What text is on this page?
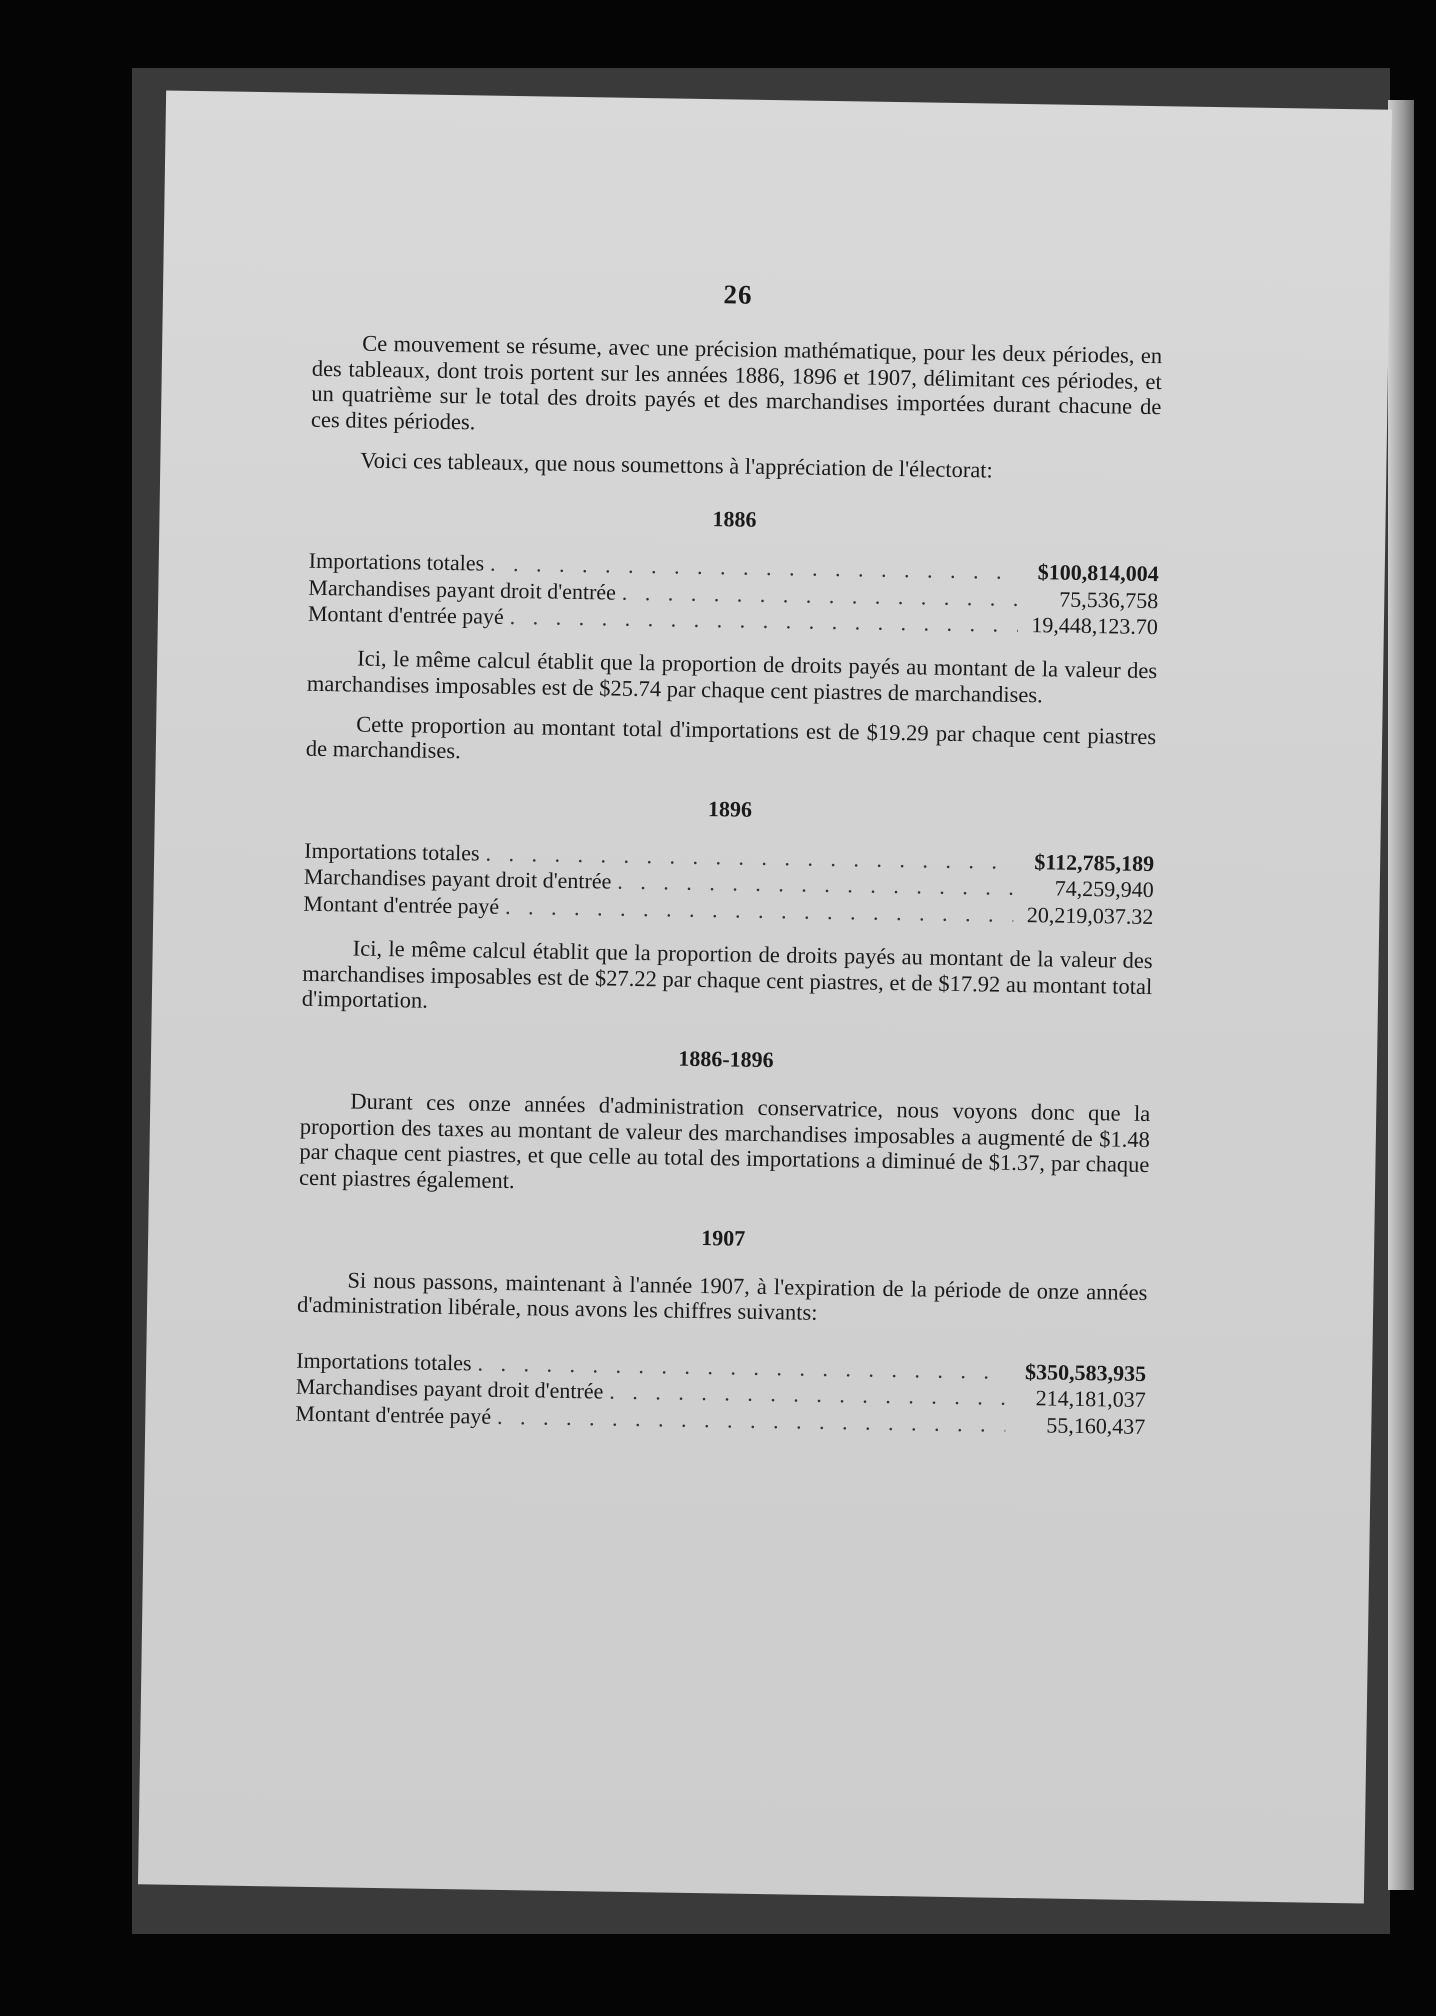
26

Ce mouvement se résume, avec une précision mathématique, pour les deux périodes, en des tableaux, dont trois portent sur les années 1886, 1896 et 1907, délimitant ces périodes, et un quatrième sur le total des droits payés et des marchandises importées durant chacune de ces dites périodes.

Voici ces tableaux, que nous soumettons à l'appréciation de l'électorat:

1886
Importations totales . . .	$100,814,004
Marchandises payant droit d'entrée . . .	75,536,758
Montant d'entrée payé . . .	19,448,123.70

Ici, le même calcul établit que la proportion de droits payés au montant de la valeur des marchandises imposables est de $25.74 par chaque cent piastres de marchandises.

Cette proportion au montant total d'importations est de $19.29 par chaque cent piastres de marchandises.

1896
Importations totales . . .	$112,785,189
Marchandises payant droit d'entrée . . .	74,259,940
Montant d'entrée payé . . .	20,219,037.32

Ici, le même calcul établit que la proportion de droits payés au montant de la valeur des marchandises imposables est de $27.22 par chaque cent piastres, et de $17.92 au montant total d'importation.

1886-1896

Durant ces onze années d'administration conservatrice, nous voyons donc que la proportion des taxes au montant de valeur des marchandises imposables a augmenté de $1.48 par chaque cent piastres, et que celle au total des importations a diminué de $1.37, par chaque cent piastres également.

1907

Si nous passons, maintenant à l'année 1907, à l'expiration de la période de onze années d'administration libérale, nous avons les chiffres suivants:

Importations totales . . .	$350,583,935
Marchandises payant droit d'entrée . . .	214,181,037
Montant d'entrée payé . . .	55,160,437
